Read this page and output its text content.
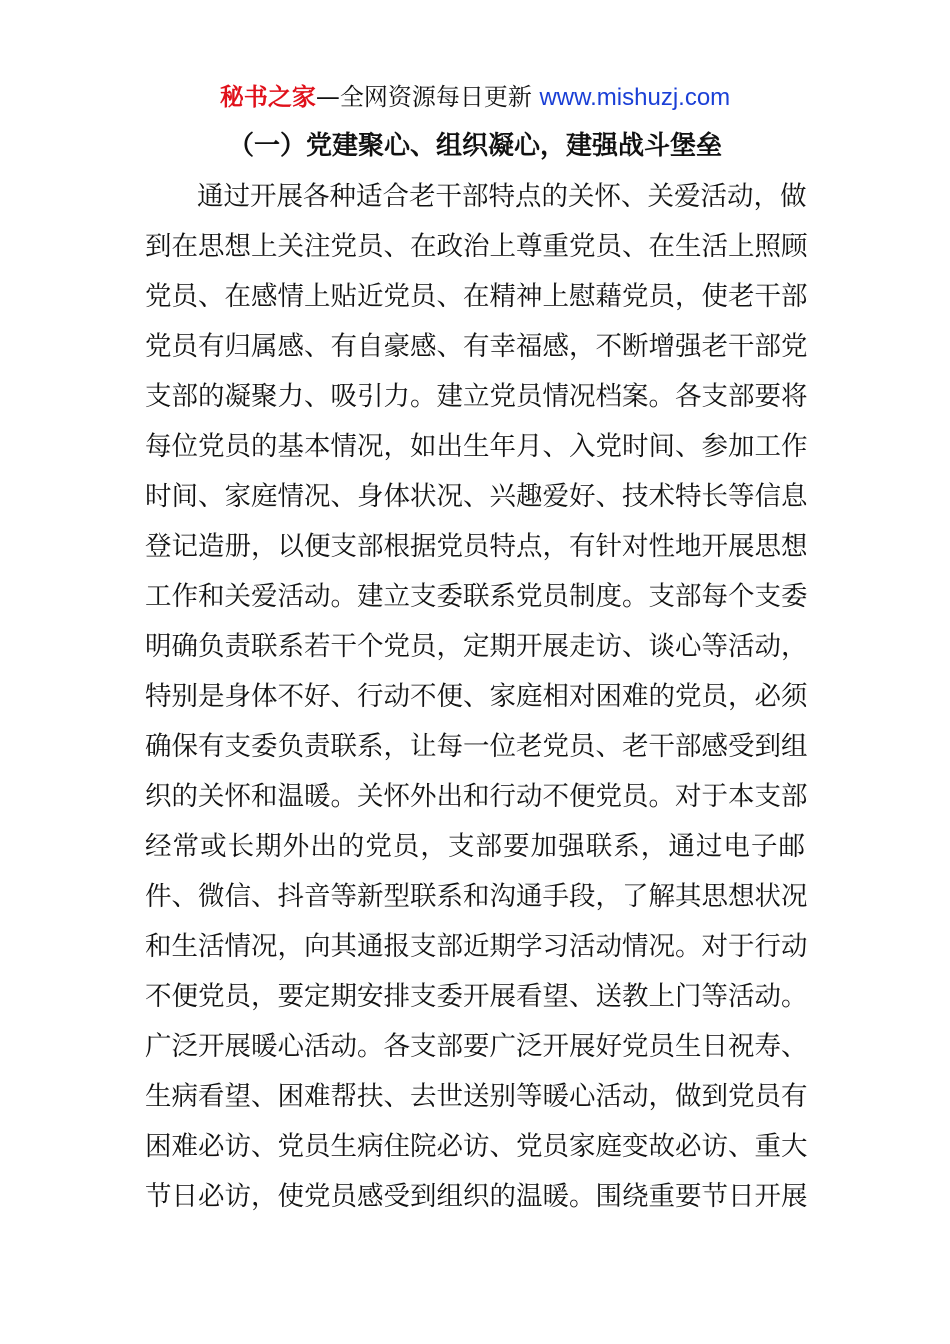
秘书之家—全网资源每日更新 www.mishuzj.com
（一）党建聚心、组织凝心，建强战斗堡垒
通过开展各种适合老干部特点的关怀、关爱活动，做
到在思想上关注党员、在政治上尊重党员、在生活上照顾
党员、在感情上贴近党员、在精神上慰藉党员，使老干部
党员有归属感、有自豪感、有幸福感，不断增强老干部党
支部的凝聚力、吸引力。建立党员情况档案。各支部要将
每位党员的基本情况，如出生年月、入党时间、参加工作
时间、家庭情况、身体状况、兴趣爱好、技术特长等信息
登记造册，以便支部根据党员特点，有针对性地开展思想
工作和关爱活动。建立支委联系党员制度。支部每个支委
明确负责联系若干个党员，定期开展走访、谈心等活动，
特别是身体不好、行动不便、家庭相对困难的党员，必须
确保有支委负责联系，让每一位老党员、老干部感受到组
织的关怀和温暖。关怀外出和行动不便党员。对于本支部
经常或长期外出的党员，支部要加强联系，通过电子邮
件、微信、抖音等新型联系和沟通手段，了解其思想状况
和生活情况，向其通报支部近期学习活动情况。对于行动
不便党员，要定期安排支委开展看望、送教上门等活动。
广泛开展暖心活动。各支部要广泛开展好党员生日祝寿、
生病看望、困难帮扶、去世送别等暖心活动，做到党员有
困难必访、党员生病住院必访、党员家庭变故必访、重大
节日必访，使党员感受到组织的温暖。围绕重要节日开展
